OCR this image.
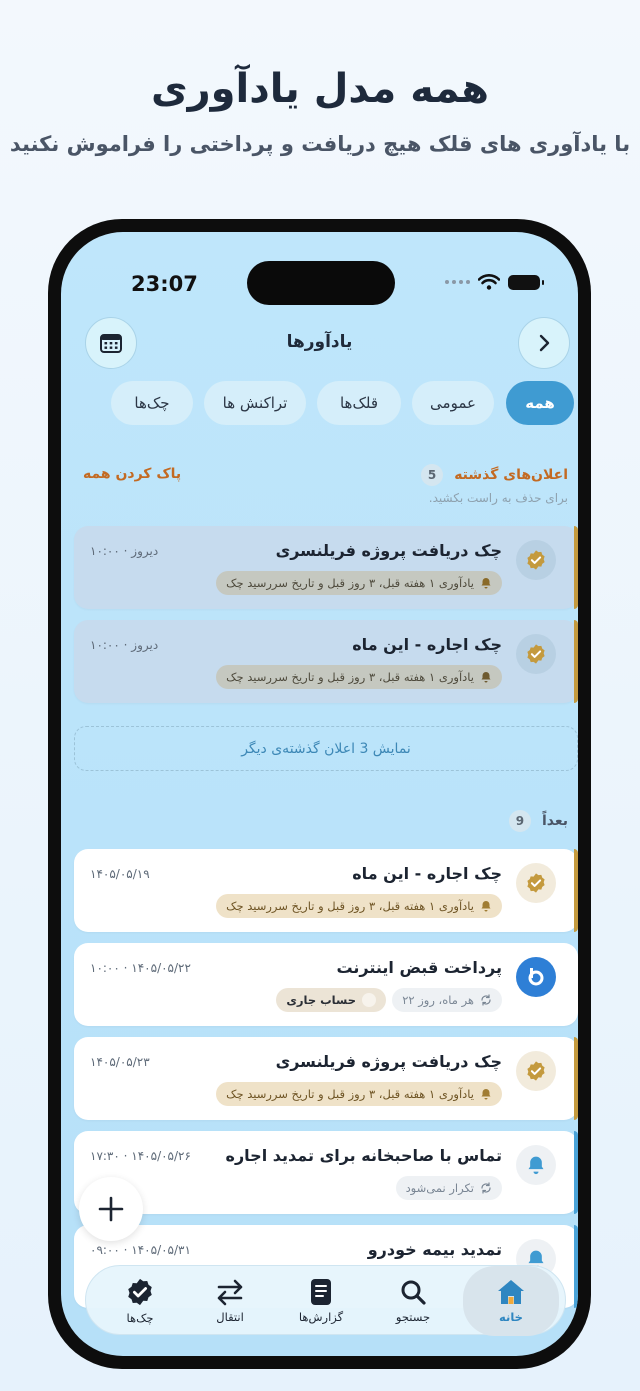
همه مدل یادآوری
با یادآوری های قلک هیچ دریافت و پرداختی را فراموش نکنید
23:07
یادآورها
همه
عمومی
قلک‌ها
تراکنش ها
چک‌ها
اعلان‌های گذشته 5
پاک کردن همه
برای حذف به راست بکشید.
چک دریافت پروژه فریلنسری
دیروز · ۱۰:۰۰
یادآوری ۱ هفته قبل، ۳ روز قبل و تاریخ سررسید چک
چک اجاره - این ماه
دیروز · ۱۰:۰۰
یادآوری ۱ هفته قبل، ۳ روز قبل و تاریخ سررسید چک
نمایش 3 اعلان گذشته‌ی دیگر
بعداً 9
چک اجاره - این ماه
۱۴۰۵/۰۵/۱۹
یادآوری ۱ هفته قبل، ۳ روز قبل و تاریخ سررسید چک
پرداخت قبض اینترنت
۱۴۰۵/۰۵/۲۲ · ۱۰:۰۰
هر ماه، روز ۲۲
حساب جاری
چک دریافت پروژه فریلنسری
۱۴۰۵/۰۵/۲۳
یادآوری ۱ هفته قبل، ۳ روز قبل و تاریخ سررسید چک
تماس با صاحبخانه برای تمدید اجاره
۱۴۰۵/۰۵/۲۶ · ۱۷:۳۰
تکرار نمی‌شود
تمدید بیمه خودرو
۱۴۰۵/۰۵/۳۱ · ۰۹:۰۰
خانه
جستجو
گزارش‌ها
انتقال
چک‌ها
